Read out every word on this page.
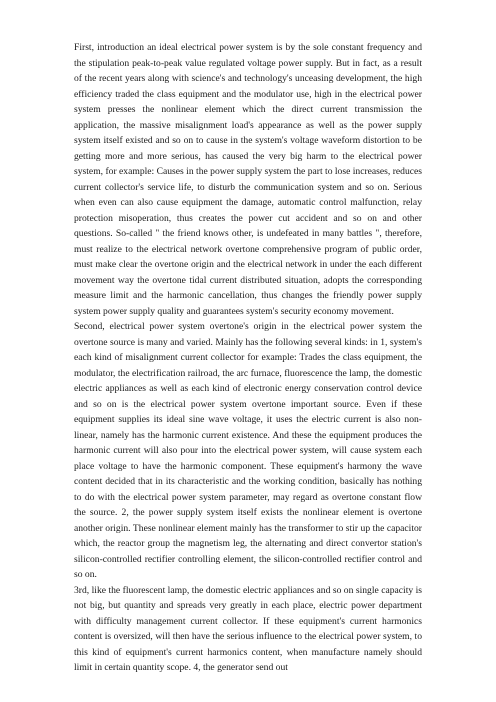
First, introduction an ideal electrical power system is by the sole constant frequency and the stipulation peak-to-peak value regulated voltage power supply. But in fact, as a result of the recent years along with science's and technology's unceasing development, the high efficiency traded the class equipment and the modulator use, high in the electrical power system presses the nonlinear element which the direct current transmission the application, the massive misalignment load's appearance as well as the power supply system itself existed and so on to cause in the system's voltage waveform distortion to be getting more and more serious, has caused the very big harm to the electrical power system, for example: Causes in the power supply system the part to lose increases, reduces current collector's service life, to disturb the communication system and so on. Serious when even can also cause equipment the damage, automatic control malfunction, relay protection misoperation, thus creates the power cut accident and so on and other questions. So-called " the friend knows other, is undefeated in many battles ", therefore, must realize to the electrical network overtone comprehensive program of public order, must make clear the overtone origin and the electrical network in under the each different movement way the overtone tidal current distributed situation, adopts the corresponding measure limit and the harmonic cancellation, thus changes the friendly power supply system power supply quality and guarantees system's security economy movement.

Second, electrical power system overtone's origin in the electrical power system the overtone source is many and varied. Mainly has the following several kinds: in 1, system's each kind of misalignment current collector for example: Trades the class equipment, the modulator, the electrification railroad, the arc furnace, fluorescence the lamp, the domestic electric appliances as well as each kind of electronic energy conservation control device and so on is the electrical power system overtone important source. Even if these equipment supplies its ideal sine wave voltage, it uses the electric current is also non-linear, namely has the harmonic current existence. And these the equipment produces the harmonic current will also pour into the electrical power system, will cause system each place voltage to have the harmonic component. These equipment's harmony the wave content decided that in its characteristic and the working condition, basically has nothing to do with the electrical power system parameter, may regard as overtone constant flow the source. 2, the power supply system itself exists the nonlinear element is overtone another origin. These nonlinear element mainly has the transformer to stir up the capacitor which, the reactor group the magnetism leg, the alternating and direct convertor station's silicon-controlled rectifier controlling element, the silicon-controlled rectifier control and so on.

3rd, like the fluorescent lamp, the domestic electric appliances and so on single capacity is not big, but quantity and spreads very greatly in each place, electric power department with difficulty management current collector. If these equipment's current harmonics content is oversized, will then have the serious influence to the electrical power system, to this kind of equipment's current harmonics content, when manufacture namely should limit in certain quantity scope. 4, the generator send out
